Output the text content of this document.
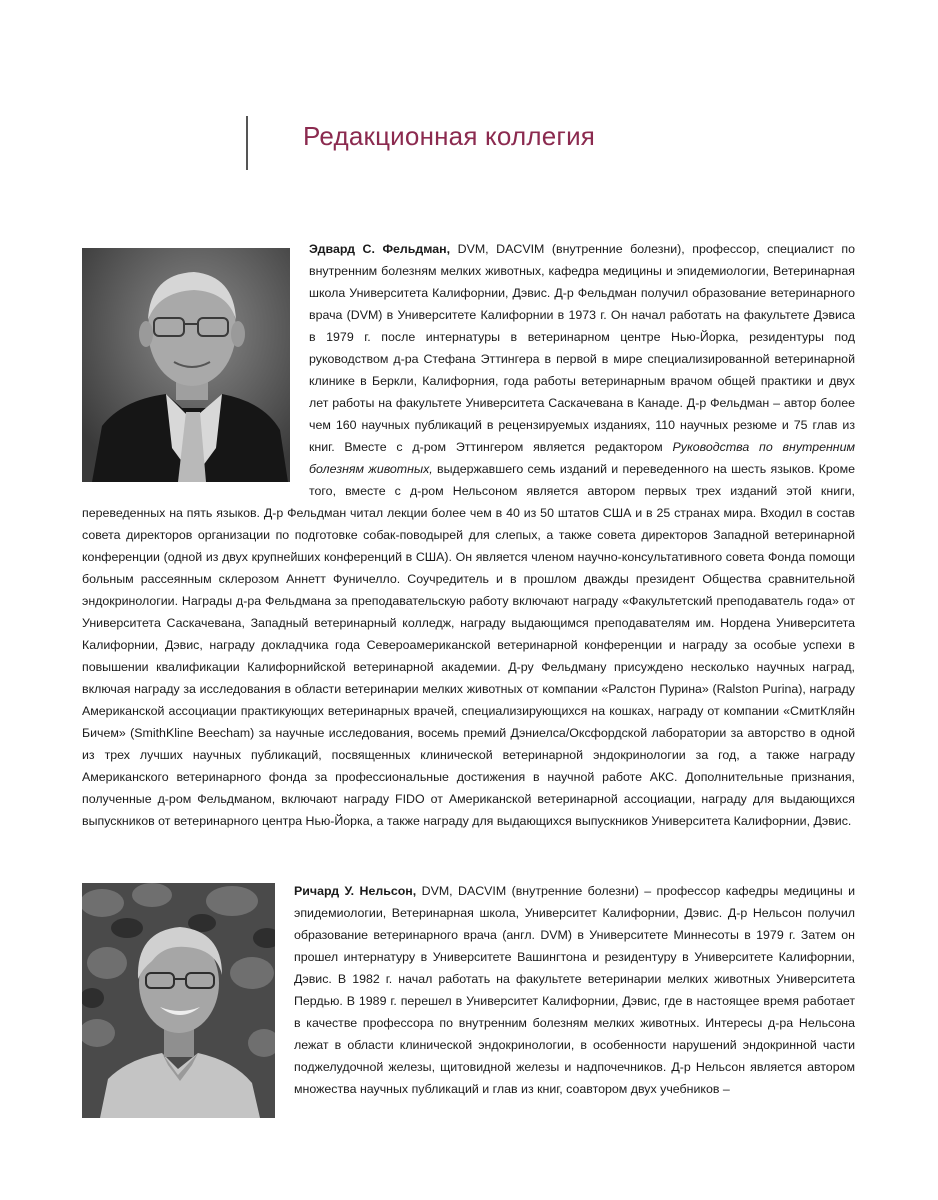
Редакционная коллегия
Эдвард С. Фельдман, DVM, DACVIM (внутренние болезни), профессор, специалист по внутренним болезням мелких животных, кафедра медицины и эпидемиологии, Ветеринарная школа Университета Калифорнии, Дэвис. Д-р Фельдман получил образование ветеринарного врача (DVM) в Университете Калифорнии в 1973 г. Он начал работать на факультете Дэвиса в 1979 г. после интернатуры в ветеринарном центре Нью-Йорка, резидентуры под руководством д-ра Стефана Эттингера в первой в мире специализированной ветеринарной клинике в Беркли, Калифорния, года работы ветеринарным врачом общей практики и двух лет работы на факультете Университета Саскачевана в Канаде. Д-р Фельдман – автор более чем 160 научных публикаций в рецензируемых изданиях, 110 научных резюме и 75 глав из книг. Вместе с д-ром Эттингером является редактором Руководства по внутренним болезням животных, выдержавшего семь изданий и переведенного на шесть языков. Кроме того, вместе с д-ром Нельсоном является автором первых трех изданий этой книги, переведенных на пять языков. Д-р Фельдман читал лекции более чем в 40 из 50 штатов США и в 25 странах мира. Входил в состав совета директоров организации по подготовке собак-поводырей для слепых, а также совета директоров Западной ветеринарной конференции (одной из двух крупнейших конференций в США). Он является членом научно-консультативного совета Фонда помощи больным рассеянным склерозом Аннетт Фуничелло. Соучредитель и в прошлом дважды президент Общества сравнительной эндокринологии. Награды д-ра Фельдмана за преподавательскую работу включают награду «Факультетский преподаватель года» от Университета Саскачевана, Западный ветеринарный колледж, награду выдающимся преподавателям им. Нордена Университета Калифорнии, Дэвис, награду докладчика года Североамериканской ветеринарной конференции и награду за особые успехи в повышении квалификации Калифорнийской ветеринарной академии. Д-ру Фельдману присуждено несколько научных наград, включая награду за исследования в области ветеринарии мелких животных от компании «Ралстон Пурина» (Ralston Purina), награду Американской ассоциации практикующих ветеринарных врачей, специализирующихся на кошках, награду от компании «СмитКляйн Бичем» (SmithKline Beecham) за научные исследования, восемь премий Дэниелса/Оксфордской лаборатории за авторство в одной из трех лучших научных публикаций, посвященных клинической ветеринарной эндокринологии за год, а также награду Американского ветеринарного фонда за профессиональные достижения в научной работе АКС. Дополнительные признания, полученные д-ром Фельдманом, включают награду FIDO от Американской ветеринарной ассоциации, награду для выдающихся выпускников от ветеринарного центра Нью-Йорка, а также награду для выдающихся выпускников Университета Калифорнии, Дэвис.
Ричард У. Нельсон, DVM, DACVIM (внутренние болезни) – профессор кафедры медицины и эпидемиологии, Ветеринарная школа, Университет Калифорнии, Дэвис. Д-р Нельсон получил образование ветеринарного врача (англ. DVM) в Университете Миннесоты в 1979 г. Затем он прошел интернатуру в Университете Вашингтона и резидентуру в Университете Калифорнии, Дэвис. В 1982 г. начал работать на факультете ветеринарии мелких животных Университета Пердью. В 1989 г. перешел в Университет Калифорнии, Дэвис, где в настоящее время работает в качестве профессора по внутренним болезням мелких животных. Интересы д-ра Нельсона лежат в области клинической эндокринологии, в особенности нарушений эндокринной части поджелудочной железы, щитовидной железы и надпочечников. Д-р Нельсон является автором множества научных публикаций и глав из книг, соавтором двух учебников –
